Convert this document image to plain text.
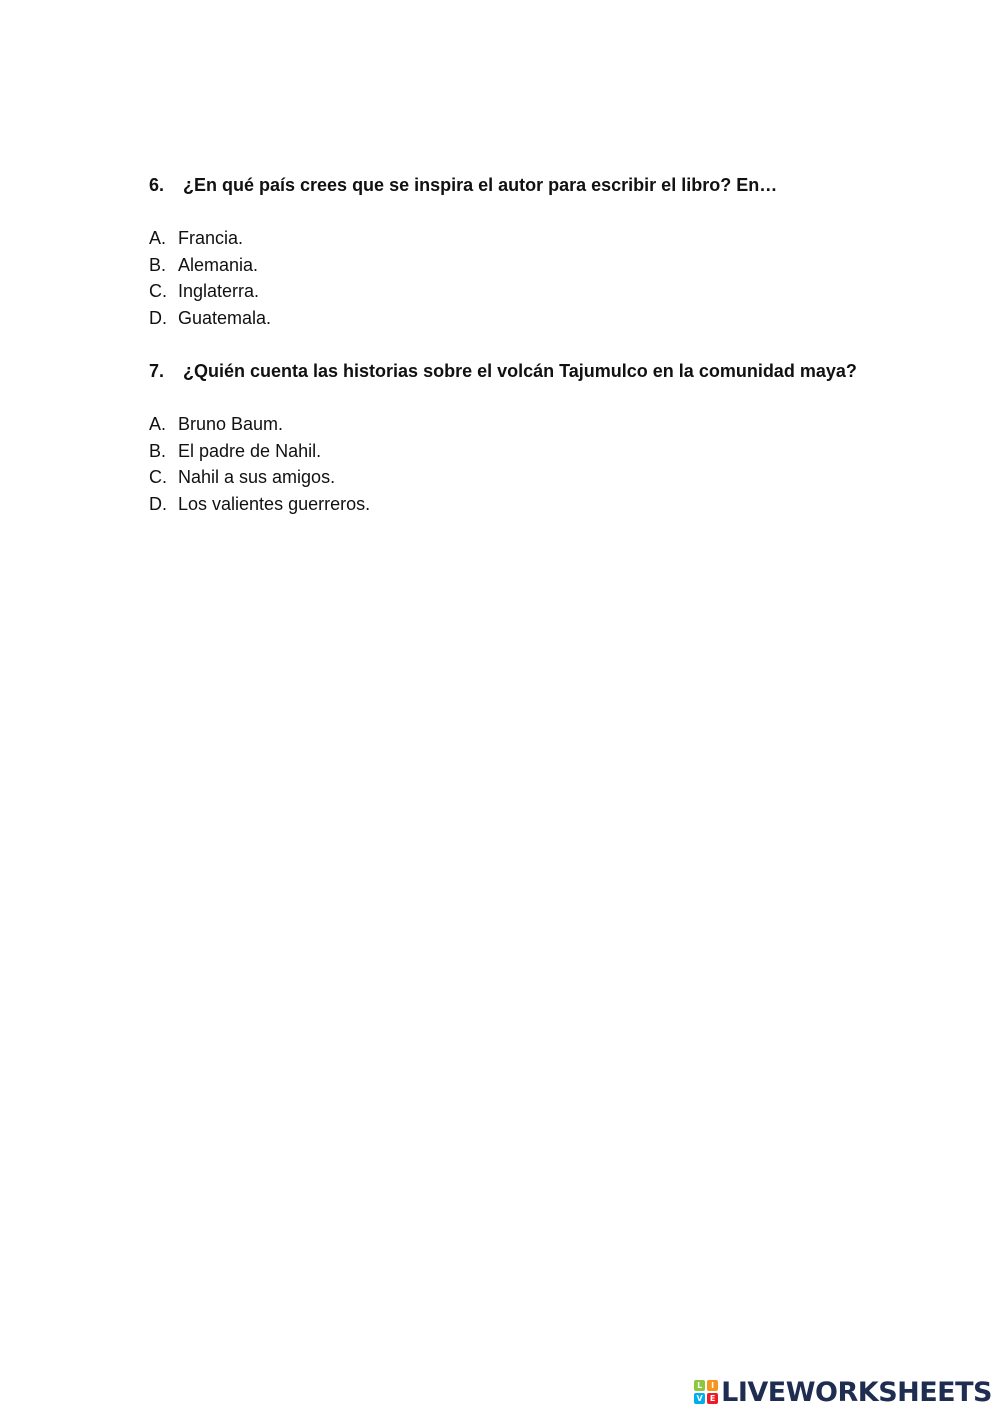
6. ¿En qué país crees que se inspira el autor para escribir el libro? En…
A. Francia.
B. Alemania.
C. Inglaterra.
D. Guatemala.
7. ¿Quién cuenta las historias sobre el volcán Tajumulco en la comunidad maya?
A. Bruno Baum.
B. El padre de Nahil.
C. Nahil a sus amigos.
D. Los valientes guerreros.
L	I
V E LIVEWORKSHEETS
